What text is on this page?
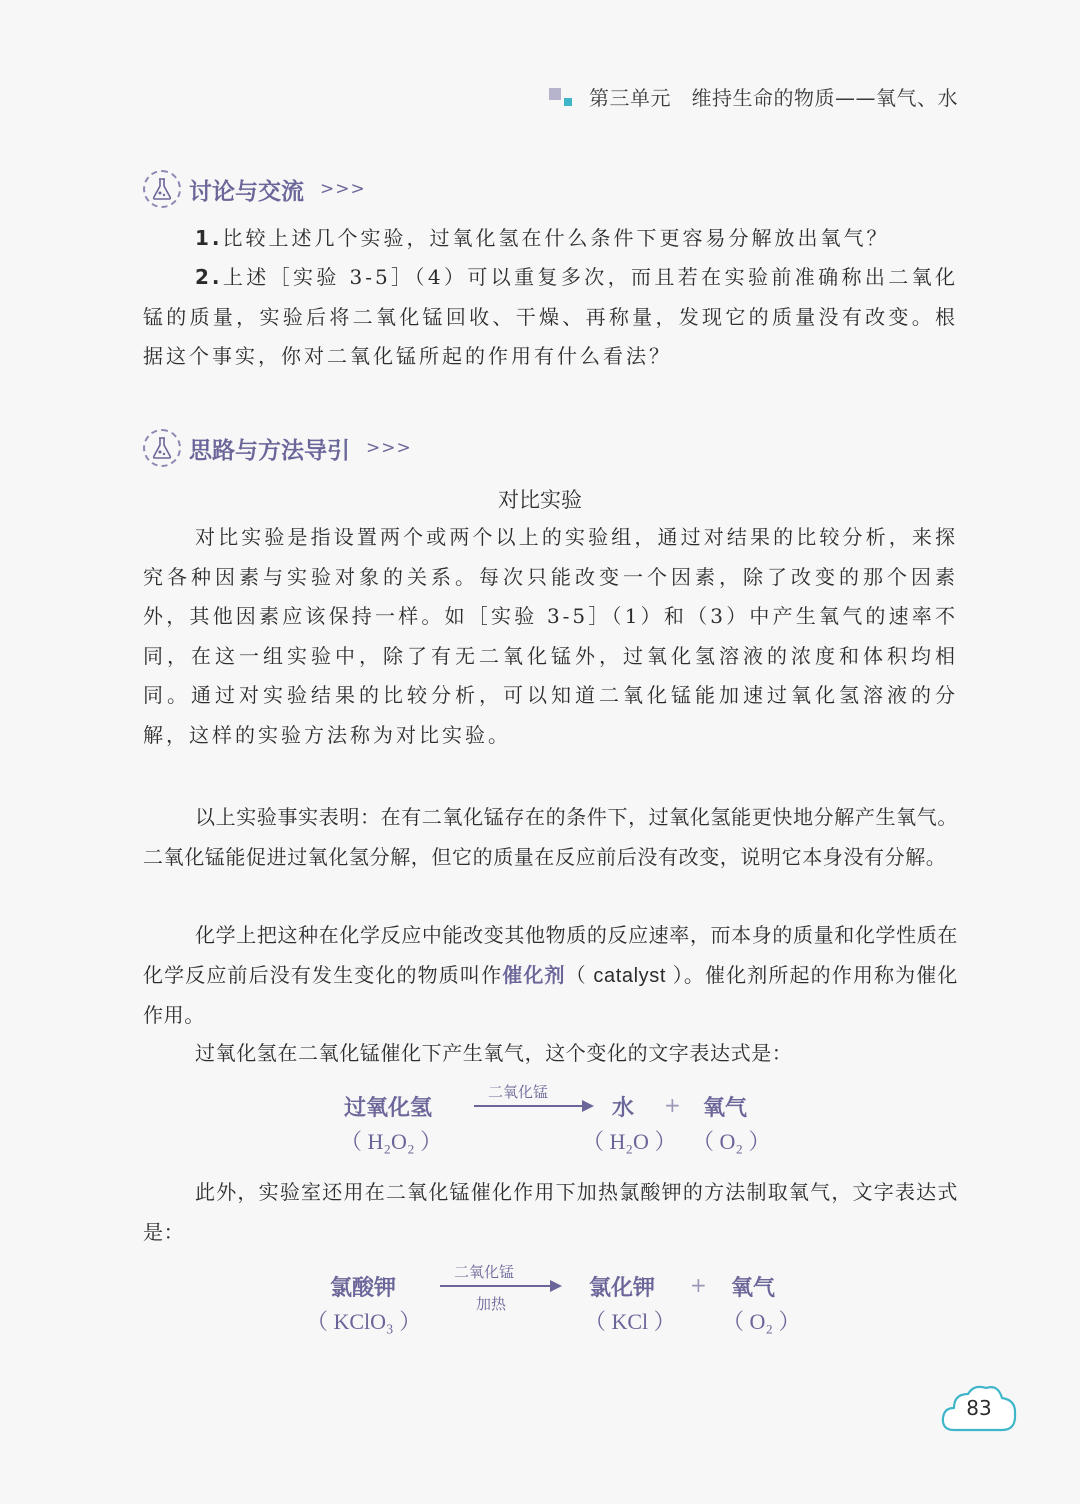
第三单元　维持生命的物质——氧气、水
讨论与交流 >>>
1.比较上述几个实验，过氧化氢在什么条件下更容易分解放出氧气？
2.上述［实验 3-5］（4）可以重复多次，而且若在实验前准确称出二氧化锰的质量，实验后将二氧化锰回收、干燥、再称量，发现它的质量没有改变。根据这个事实，你对二氧化锰所起的作用有什么看法？
思路与方法导引 >>>
对比实验
对比实验是指设置两个或两个以上的实验组，通过对结果的比较分析，来探究各种因素与实验对象的关系。每次只能改变一个因素，除了改变的那个因素外，其他因素应该保持一样。如［实验 3-5］（1）和（3）中产生氧气的速率不同，在这一组实验中，除了有无二氧化锰外，过氧化氢溶液的浓度和体积均相同。通过对实验结果的比较分析，可以知道二氧化锰能加速过氧化氢溶液的分解，这样的实验方法称为对比实验。
以上实验事实表明：在有二氧化锰存在的条件下，过氧化氢能更快地分解产生氧气。二氧化锰能促进过氧化氢分解，但它的质量在反应前后没有改变，说明它本身没有分解。
化学上把这种在化学反应中能改变其他物质的反应速率，而本身的质量和化学性质在化学反应前后没有发生变化的物质叫作催化剂（ catalyst ）。催化剂所起的作用称为催化作用。
过氧化氢在二氧化锰催化下产生氧气，这个变化的文字表达式是：
过氧化氢
（ H₂O₂ ）
二氧化锰
水
（ H₂O ）
+ 氧气
（ O₂ ）
此外，实验室还用在二氧化锰催化作用下加热氯酸钾的方法制取氧气，文字表达式是：
氯酸钾
（ KClO₃ ）
二氧化锰
加热
氯化钾
（ KCl ）
+ 氧气
（ O₂ ）
83
